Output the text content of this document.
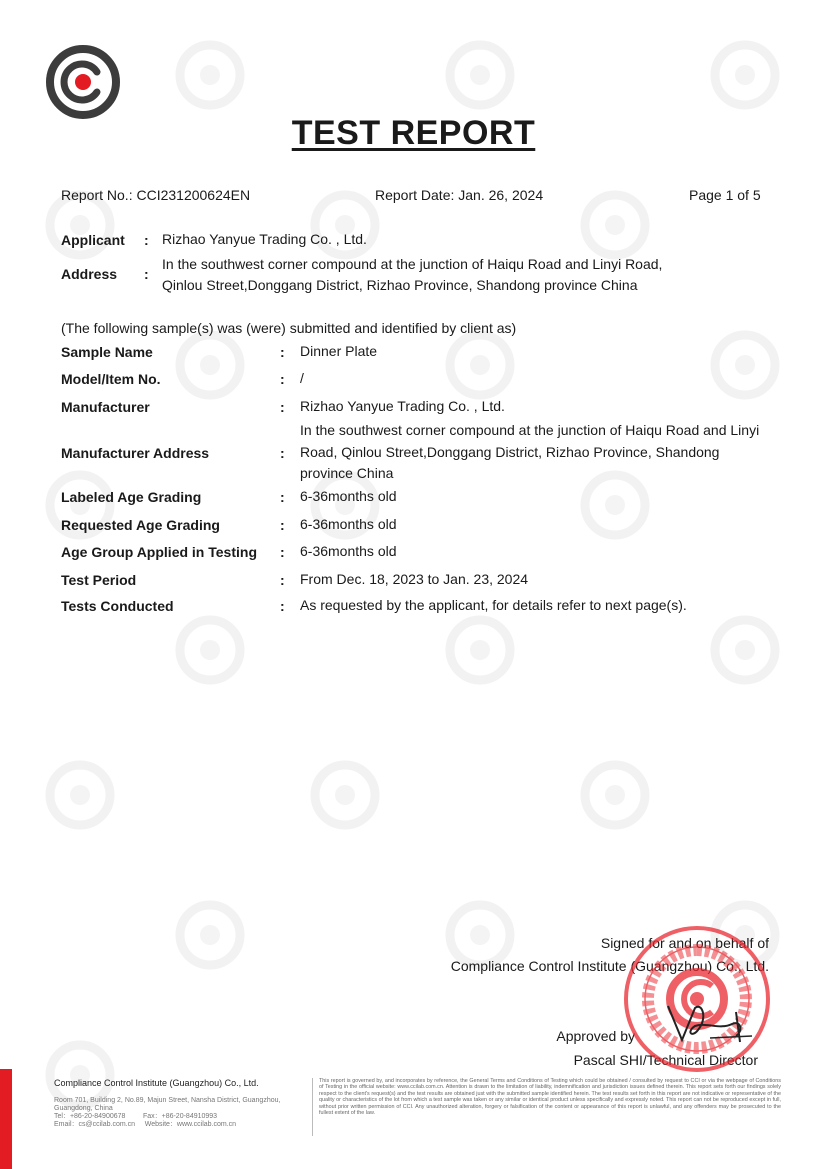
TEST REPORT
Report No.: CCI231200624EN	Report Date: Jan. 26, 2024	Page 1 of 5
Applicant : Rizhao Yanyue Trading Co. , Ltd.
Address :
In the southwest corner compound at the junction of Haiqu Road and Linyi Road,
Qinlou Street,Donggang District, Rizhao Province, Shandong province China
(The following sample(s) was (were) submitted and identified by client as)
Sample Name	: Dinner Plate
Model/Item No.	: /
Manufacturer	: Rizhao Yanyue Trading Co. , Ltd.
Manufacturer Address	:
In the southwest corner compound at the junction of Haiqu Road and Linyi
Road, Qinlou Street,Donggang District, Rizhao Province, Shandong
province China
Labeled Age Grading	: 6-36months old
Requested Age Grading	: 6-36months old
Age Group Applied in Testing : 6-36months old
Test Period	: From Dec. 18, 2023 to Jan. 23, 2024
Tests Conducted	: As requested by the applicant, for details refer to next page(s).
Signed for and on behalf of
Compliance Control Institute (Guangzhou) Co., Ltd.
Approved by
Pascal SHI/Technical Director
Compliance Control Institute (Guangzhou) Co., Ltd.
Room 701, Building 2, No.89, Majun Street, Nansha District, Guangzhou,
Guangdong, China
Tel：+86-20-84900678	Fax：+86-20-84910993
Email：cs@ccilab.com.cn Website：www.ccilab.com.cn
This report is governed by, and incorporates by reference, the General Terms and Conditions of Testing which could be obtained / consulted by request to CCI or via the webpage of Conditions of Testing in the official website: www.ccilab.com.cn. Attention is drawn to the limitation of liability, indemnification and jurisdiction issues defined therein. This report sets forth our findings solely respect to the client's request(s) and the test results are obtained just with the submitted sample identified herein. The test results set forth in this report are not indicative or representative of the quality or characteristics of the lot from which a test sample was taken or any similar or identical product unless specifically and expressly noted. This report can not be reproduced except in full, without prior written permission of CCI. Any unauthorized alteration, forgery or falsification of the content or appearance of this report is unlawful, and any offenders may be prosecuted to the fullest extent of the law.
